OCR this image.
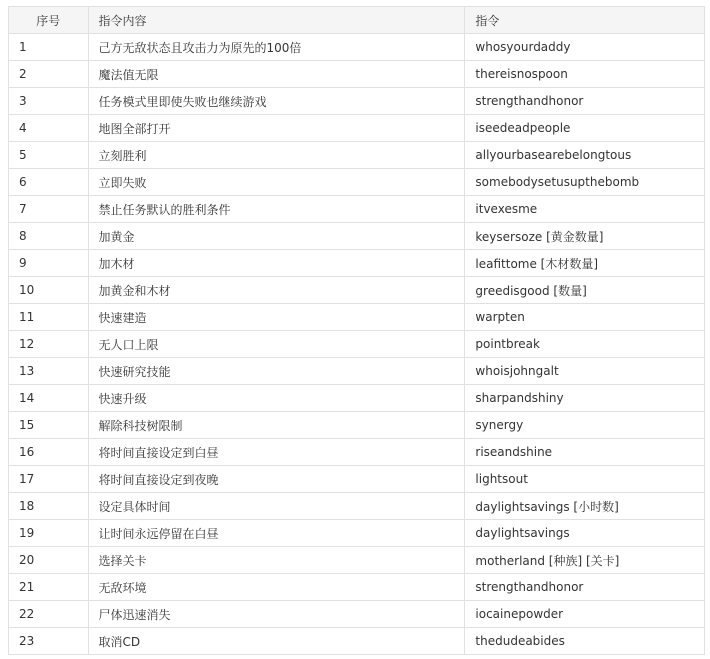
序号	指令内容	指令
1	己方无敌状态且攻击力为原先的100倍	whosyourdaddy
2	魔法值无限	thereisnospoon
3	任务模式里即使失败也继续游戏	strengthandhonor
4	地图全部打开	iseedeadpeople
5	立刻胜利	allyourbasearebelongtous
6	立即失败	somebodysetusupthebomb
7	禁止任务默认的胜利条件	itvexesme
8	加黄金	keysersoze [黄金数量]
9	加木材	leafittome [木材数量]
10	加黄金和木材	greedisgood [数量]
11	快速建造	warpten
12	无人口上限	pointbreak
13	快速研究技能	whoisjohngalt
14	快速升级	sharpandshiny
15	解除科技树限制	synergy
16	将时间直接设定到白昼	riseandshine
17	将时间直接设定到夜晚	lightsout
18	设定具体时间	daylightsavings [小时数]
19	让时间永远停留在白昼	daylightsavings
20	选择关卡	motherland [种族] [关卡]
21	无敌环境	strengthandhonor
22	尸体迅速消失	iocainepowder
23	取消CD	thedudeabides
